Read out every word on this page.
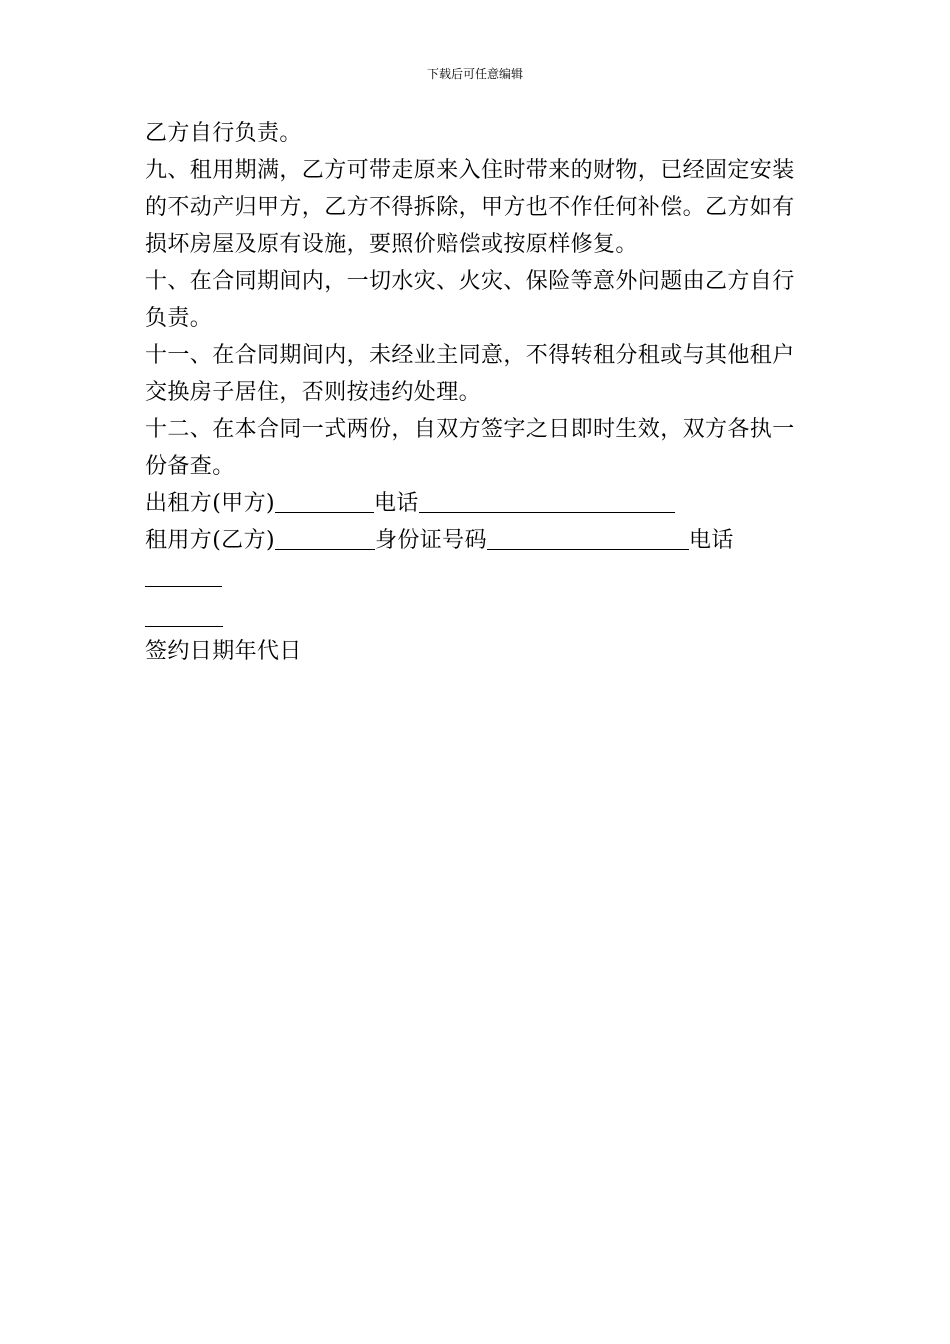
下载后可任意编辑

乙方自行负责。

九、租用期满，乙方可带走原来入住时带来的财物，已经固定安装的不动产归甲方，乙方不得拆除，甲方也不作任何补偿。乙方如有损坏房屋及原有设施，要照价赔偿或按原样修复。

十、在合同期间内，一切水灾、火灾、保险等意外问题由乙方自行负责。

十一、在合同期间内，未经业主同意，不得转租分租或与其他租户交换房子居住，否则按违约处理。

十二、在本合同一式两份，自双方签字之日即时生效，双方各执一份备查。

出租方(甲方)	电话

租用方(乙方)	身份证号码	电话

签约日期年代日
